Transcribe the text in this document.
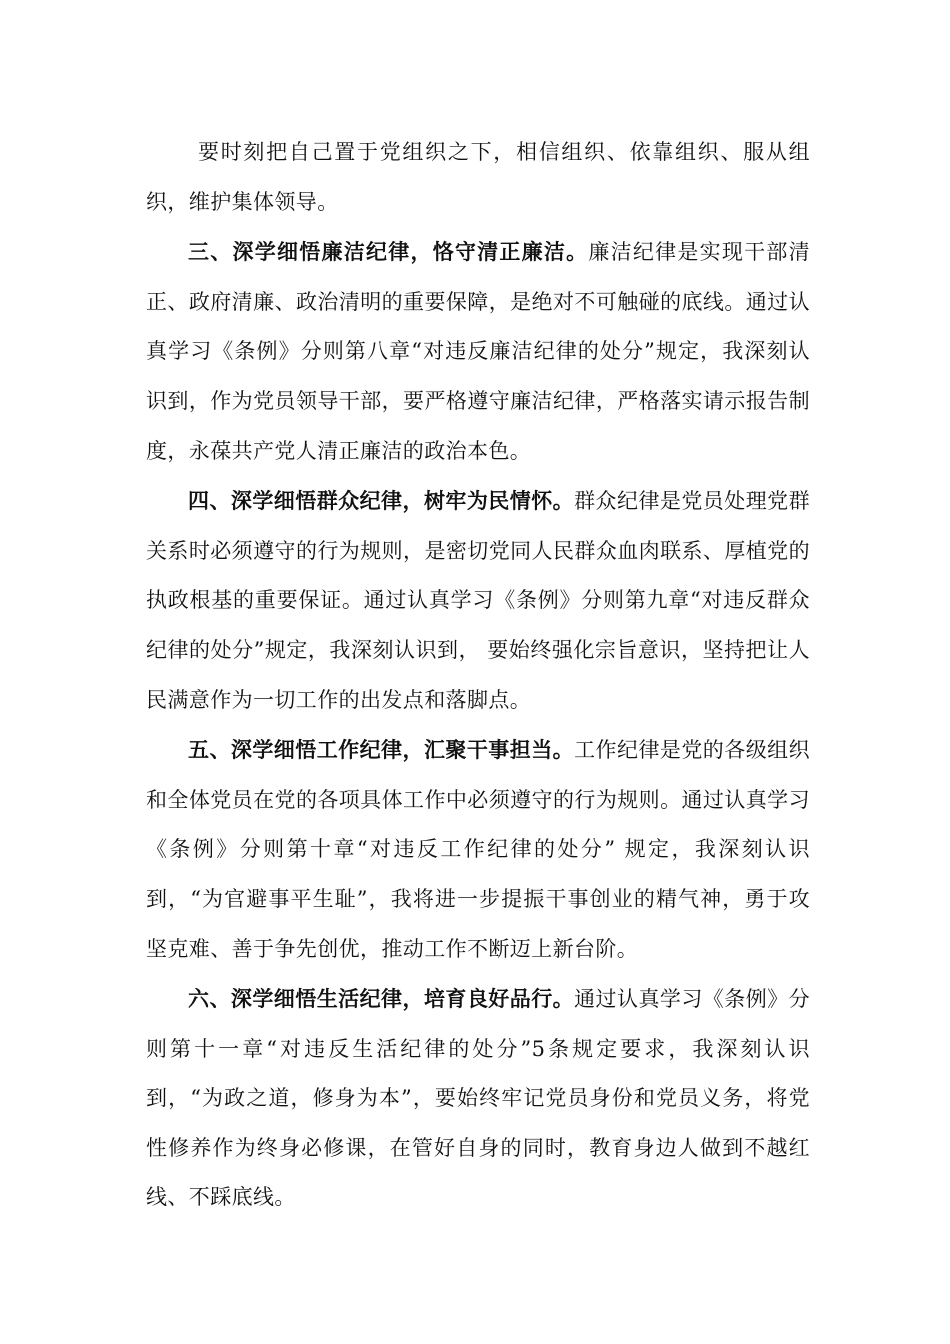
要时刻把自己置于党组织之下，相信组织、依靠组织、服从组织，维护集体领导。

三、深学细悟廉洁纪律，恪守清正廉洁。廉洁纪律是实现干部清正、政府清廉、政治清明的重要保障，是绝对不可触碰的底线。通过认真学习《条例》分则第八章“对违反廉洁纪律的处分”规定，我深刻认识到，作为党员领导干部，要严格遵守廉洁纪律，严格落实请示报告制度，永葆共产党人清正廉洁的政治本色。

四、深学细悟群众纪律，树牢为民情怀。群众纪律是党员处理党群关系时必须遵守的行为规则，是密切党同人民群众血肉联系、厚植党的执政根基的重要保证。通过认真学习《条例》分则第九章“对违反群众纪律的处分”规定，我深刻认识到， 要始终强化宗旨意识，坚持把让人民满意作为一切工作的出发点和落脚点。

五、深学细悟工作纪律，汇聚干事担当。工作纪律是党的各级组织和全体党员在党的各项具体工作中必须遵守的行为规则。通过认真学习《条例》分则第十章“对违反工作纪律的处分” 规定，我深刻认识到，“为官避事平生耻”，我将进一步提振干事创业的精气神，勇于攻坚克难、善于争先创优，推动工作不断迈上新台阶。

六、深学细悟生活纪律，培育良好品行。通过认真学习《条例》分则第十一章“对违反生活纪律的处分”5条规定要求，我深刻认识到，“为政之道，修身为本”，要始终牢记党员身份和党员义务，将党性修养作为终身必修课，在管好自身的同时，教育身边人做到不越红线、不踩底线。
